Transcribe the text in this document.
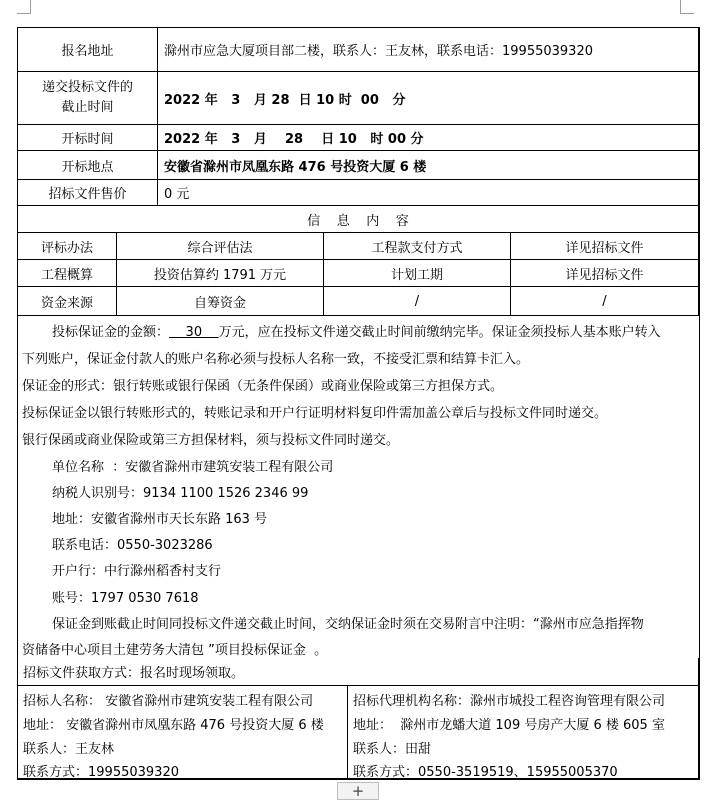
报名地址	滁州市应急大厦项目部二楼，联系人：王友林，联系电话：19955039320
递交投标文件的
截止时间	2022 年   3   月 28  日 10 时  00   分
开标时间	2022 年   3   月    28    日 10   时 00 分
开标地点	安徽省滁州市凤凰东路 476 号投资大厦 6 楼
招标文件售价	0 元
信    息    内    容
评标办法	综合评估法	工程款支付方式	详见招标文件
工程概算	投资估算约 1791 万元	计划工期	详见招标文件
资金来源	自筹资金	/	/

投标保证金的金额：    30    万元，应在投标文件递交截止时间前缴纳完毕。保证金须投标人基本账户转入

下列账户，保证金付款人的账户名称必须与投标人名称一致，不接受汇票和结算卡汇入。

保证金的形式：银行转账或银行保函（无条件保函）或商业保险或第三方担保方式。

投标保证金以银行转账形式的，转账记录和开户行证明材料复印件需加盖公章后与投标文件同时递交。

银行保函或商业保险或第三方担保材料，须与投标文件同时递交。

单位名称  ：安徽省滁州市建筑安装工程有限公司

纳税人识别号：9134 1100 1526 2346 99

地址：安徽省滁州市天长东路 163 号

联系电话：0550-3023286

开户行：中行滁州稻香村支行

账号：1797 0530 7618

保证金到账截止时间同投标文件递交截止时间，交纳保证金时须在交易附言中注明：“滁州市应急指挥物

资储备中心项目土建劳务大清包 ”项目投标保证金  。

招标文件获取方式：报名时现场领取。

招标人名称： 安徽省滁州市建筑安装工程有限公司

地址： 安徽省滁州市凤凰东路 476 号投资大厦 6 楼

联系人：王友林

联系方式：19955039320

招标代理机构名称：滁州市城投工程咨询管理有限公司

地址：  滁州市龙蟠大道 109 号房产大厦 6 楼 605 室

联系人：田甜

联系方式：0550-3519519、15955005370

+
